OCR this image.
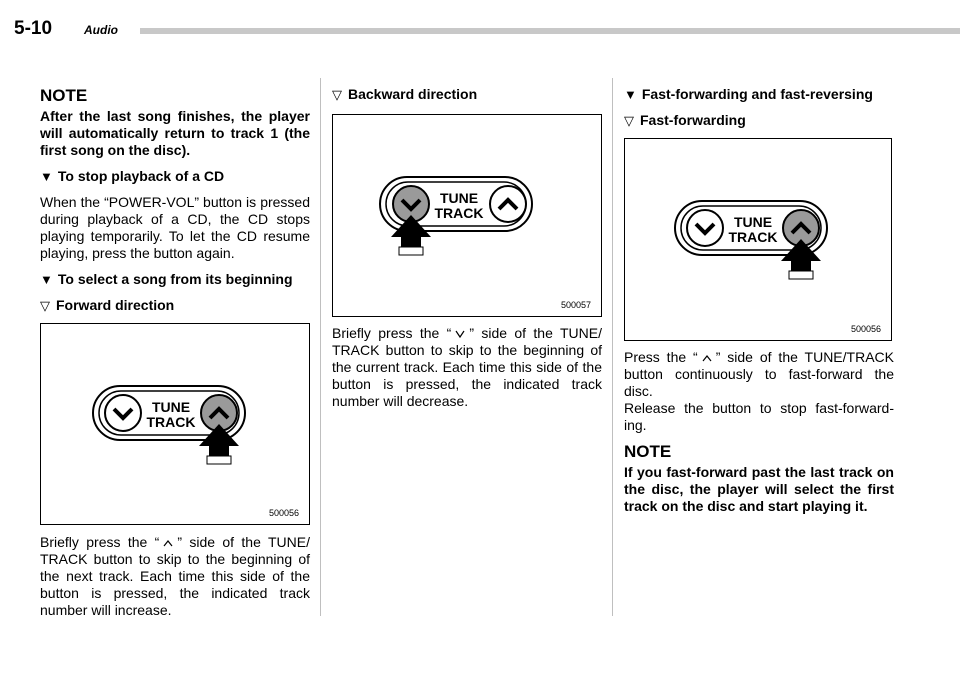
5-10	Audio

NOTE

After the last song finishes, the player will automatically return to track 1 (the first song on the disc).

▼ To stop playback of a CD

When the “POWER-VOL” button is pressed during playback of a CD, the CD stops playing temporarily. To let the CD resume playing, press the button again.

▼ To select a song from its beginning

▽ Forward direction

TUNE
TRACK
500056

Briefly press the “ ” side of the TUNE/ TRACK button to skip to the beginning of the next track. Each time this side of the button is pressed, the indicated track number will increase.

▽ Backward direction

TUNE
TRACK
500057

Briefly press the “ ” side of the TUNE/ TRACK button to skip to the beginning of the current track. Each time this side of the button is pressed, the indicated track number will decrease.

▼ Fast-forwarding and fast-reversing

▽ Fast-forwarding

TUNE
TRACK
500056

Press the “ ” side of the TUNE/TRACK button continuously to fast-forward the disc.

Release the button to stop fast-forward- ing.

NOTE

If you fast-forward past the last track on the disc, the player will select the first track on the disc and start playing it.
